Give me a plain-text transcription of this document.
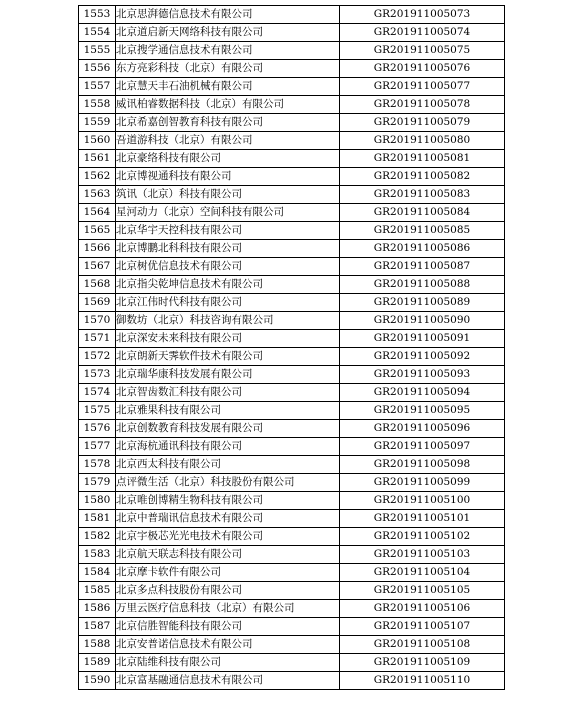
1553	北京思湃德信息技术有限公司	GR201911005073
1554	北京道启新天网络科技有限公司	GR201911005074
1555	北京搜学通信息技术有限公司	GR201911005075
1556	东方亮彩科技（北京）有限公司	GR201911005076
1557	北京慧天丰石油机械有限公司	GR201911005077
1558	威讯柏睿数据科技（北京）有限公司	GR201911005078
1559	北京希嘉创智教育科技有限公司	GR201911005079
1560	吾道游科技（北京）有限公司	GR201911005080
1561	北京豪络科技有限公司	GR201911005081
1562	北京博视通科技有限公司	GR201911005082
1563	筑讯（北京）科技有限公司	GR201911005083
1564	星河动力（北京）空间科技有限公司	GR201911005084
1565	北京华宇天控科技有限公司	GR201911005085
1566	北京博鹏北科科技有限公司	GR201911005086
1567	北京树优信息技术有限公司	GR201911005087
1568	北京指尖乾坤信息技术有限公司	GR201911005088
1569	北京江伟时代科技有限公司	GR201911005089
1570	御数坊（北京）科技咨询有限公司	GR201911005090
1571	北京深安未来科技有限公司	GR201911005091
1572	北京朗新天霁软件技术有限公司	GR201911005092
1573	北京瑞华康科技发展有限公司	GR201911005093
1574	北京智齿数汇科技有限公司	GR201911005094
1575	北京雅果科技有限公司	GR201911005095
1576	北京创数教育科技发展有限公司	GR201911005096
1577	北京海杭通讯科技有限公司	GR201911005097
1578	北京西太科技有限公司	GR201911005098
1579	点评微生活（北京）科技股份有限公司	GR201911005099
1580	北京唯创博精生物科技有限公司	GR201911005100
1581	北京中普瑞讯信息技术有限公司	GR201911005101
1582	北京宇极芯光光电技术有限公司	GR201911005102
1583	北京航天联志科技有限公司	GR201911005103
1584	北京摩卡软件有限公司	GR201911005104
1585	北京多点科技股份有限公司	GR201911005105
1586	万里云医疗信息科技（北京）有限公司	GR201911005106
1587	北京信胜智能科技有限公司	GR201911005107
1588	北京安普诺信息技术有限公司	GR201911005108
1589	北京陆维科技有限公司	GR201911005109
1590	北京富基融通信息技术有限公司	GR201911005110
